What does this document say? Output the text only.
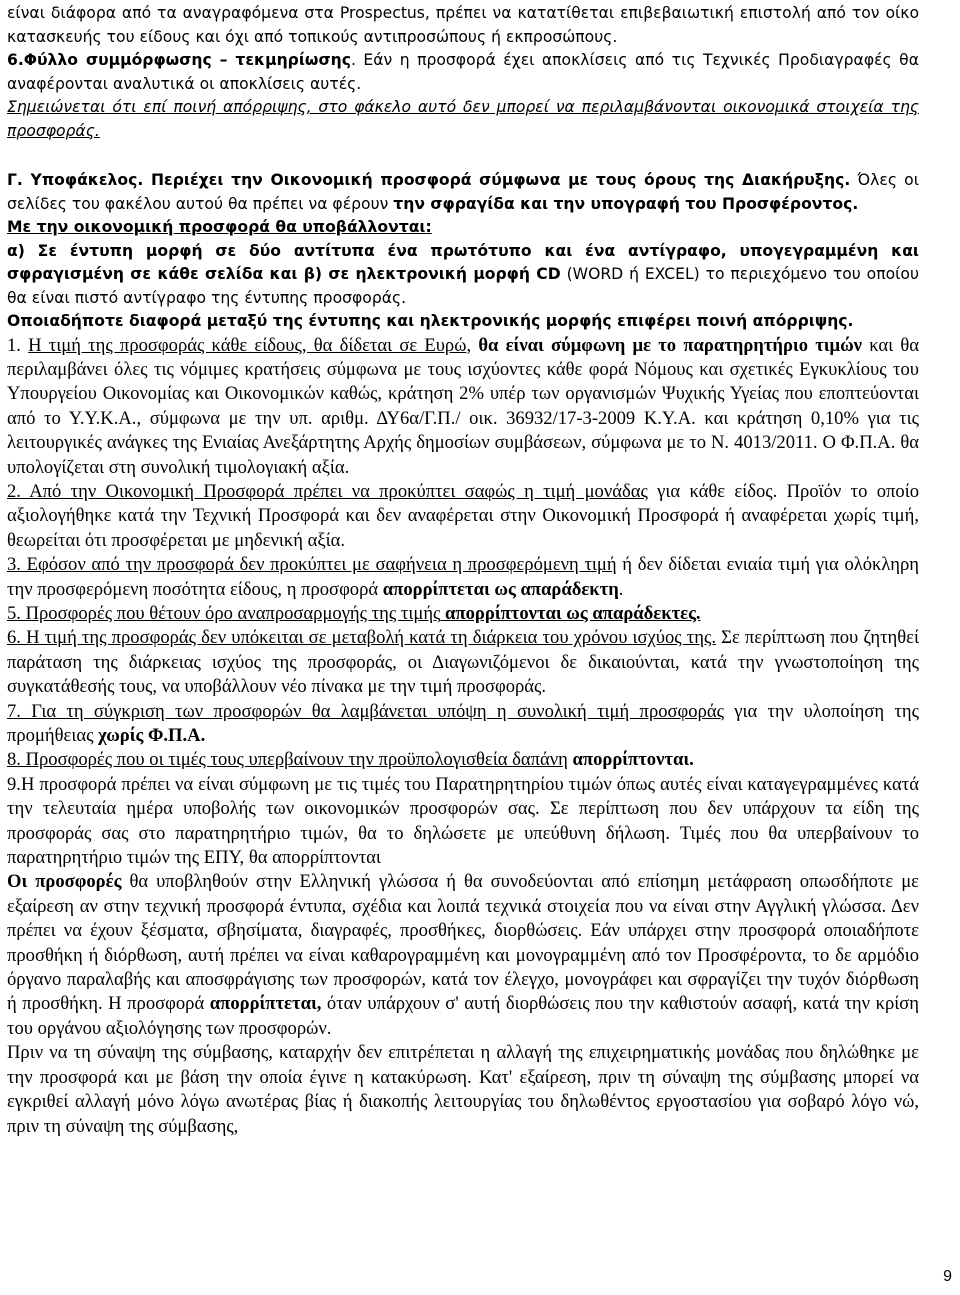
είναι διάφορα από τα αναγραφόμενα στα Prospectus, πρέπει να κατατίθεται επιβεβαιωτική επιστολή από τον οίκο κατασκευής του είδους και όχι από τοπικούς αντιπροσώπους ή εκπροσώπους.

6.Φύλλο συμμόρφωσης – τεκμηρίωσης. Εάν η προσφορά έχει αποκλίσεις από τις Τεχνικές Προδιαγραφές θα αναφέρονται αναλυτικά οι αποκλίσεις αυτές.

Σημειώνεται ότι επί ποινή απόρριψης, στο φάκελο αυτό δεν μπορεί να περιλαμβάνονται οικονομικά στοιχεία της προσφοράς.

Γ. Υποφάκελος. Περιέχει την Οικονομική προσφορά σύμφωνα με τους όρους της Διακήρυξης. Όλες οι σελίδες του φακέλου αυτού θα πρέπει να φέρουν την σφραγίδα και την υπογραφή του Προσφέροντος.

Με την οικονομική προσφορά θα υποβάλλονται:

α) Σε έντυπη μορφή σε δύο αντίτυπα ένα πρωτότυπο και ένα αντίγραφο, υπογεγραμμένη και σφραγισμένη σε κάθε σελίδα και β) σε ηλεκτρονική μορφή CD (WORD ή EXCEL) το περιεχόμενο του οποίου θα είναι πιστό αντίγραφο της έντυπης προσφοράς.

Οποιαδήποτε διαφορά μεταξύ της έντυπης και ηλεκτρονικής μορφής επιφέρει ποινή απόρριψης.

1. Η τιμή της προσφοράς κάθε είδους, θα δίδεται σε Ευρώ, θα είναι σύμφωνη με το παρατηρητήριο τιμών και θα περιλαμβάνει όλες τις νόμιμες κρατήσεις σύμφωνα με τους ισχύοντες κάθε φορά Νόμους και σχετικές Εγκυκλίους του Υπουργείου Οικονομίας και Οικονομικών καθώς, κράτηση 2% υπέρ των οργανισμών Ψυχικής Υγείας που εποπτεύονται από το Υ.Υ.Κ.Α., σύμφωνα με την υπ. αριθμ. ΔΥ6α/Γ.Π./ οικ. 36932/17-3-2009 Κ.Υ.Α. και κράτηση 0,10% για τις λειτουργικές ανάγκες της Ενιαίας Ανεξάρτητης Αρχής δημοσίων συμβάσεων, σύμφωνα με το Ν. 4013/2011. Ο Φ.Π.Α. θα υπολογίζεται στη συνολική τιμολογιακή αξία.

2. Από την Οικονομική Προσφορά πρέπει να προκύπτει σαφώς η τιμή μονάδας για κάθε είδος. Προϊόν το οποίο αξιολογήθηκε κατά την Τεχνική Προσφορά και δεν αναφέρεται στην Οικονομική Προσφορά ή αναφέρεται χωρίς τιμή, θεωρείται ότι προσφέρεται με μηδενική αξία.

3. Εφόσον από την προσφορά δεν προκύπτει με σαφήνεια η προσφερόμενη τιμή ή δεν δίδεται ενιαία τιμή για ολόκληρη την προσφερόμενη ποσότητα είδους, η προσφορά απορρίπτεται ως απαράδεκτη.

5. Προσφορές που θέτουν όρο αναπροσαρμογής της τιμής απορρίπτονται ως απαράδεκτες.

6. Η τιμή της προσφοράς δεν υπόκειται σε μεταβολή κατά τη διάρκεια του χρόνου ισχύος της. Σε περίπτωση που ζητηθεί παράταση της διάρκειας ισχύος της προσφοράς, οι Διαγωνιζόμενοι δε δικαιούνται, κατά την γνωστοποίηση της συγκατάθεσής τους, να υποβάλλουν νέο πίνακα με την τιμή προσφοράς.

7. Για τη σύγκριση των προσφορών θα λαμβάνεται υπόψη η συνολική τιμή προσφοράς για την υλοποίηση της προμήθειας χωρίς Φ.Π.Α.

8. Προσφορές που οι τιμές τους υπερβαίνουν την προϋπολογισθεία δαπάνη απορρίπτονται.

9.Η προσφορά πρέπει να είναι σύμφωνη με τις τιμές του Παρατηρητηρίου τιμών όπως αυτές είναι καταγεγραμμένες κατά την τελευταία ημέρα υποβολής των οικονομικών προσφορών σας. Σε περίπτωση που δεν υπάρχουν τα είδη της προσφοράς σας στο παρατηρητήριο τιμών, θα το δηλώσετε με υπεύθυνη δήλωση. Τιμές που θα υπερβαίνουν το παρατηρητήριο τιμών της ΕΠΥ, θα απορρίπτονται

Οι προσφορές θα υποβληθούν στην Ελληνική γλώσσα ή θα συνοδεύονται από επίσημη μετάφραση οπωσδήποτε με εξαίρεση αν στην τεχνική προσφορά έντυπα, σχέδια και λοιπά τεχνικά στοιχεία που να είναι στην Αγγλική γλώσσα. Δεν πρέπει να έχουν ξέσματα, σβησίματα, διαγραφές, προσθήκες, διορθώσεις. Εάν υπάρχει στην προσφορά οποιαδήποτε προσθήκη ή διόρθωση, αυτή πρέπει να είναι καθαρογραμμένη και μονογραμμένη από τον Προσφέροντα, το δε αρμόδιο όργανο παραλαβής και αποσφράγισης των προσφορών, κατά τον έλεγχο, μονογράφει και σφραγίζει την τυχόν διόρθωση ή προσθήκη. Η προσφορά απορρίπτεται, όταν υπάρχουν σ' αυτή διορθώσεις που την καθιστούν ασαφή, κατά την κρίση του οργάνου αξιολόγησης των προσφορών.

Πριν να τη σύναψη της σύμβασης, καταρχήν δεν επιτρέπεται η αλλαγή της επιχειρηματικής μονάδας που δηλώθηκε με την προσφορά και με βάση την οποία έγινε η κατακύρωση. Κατ' εξαίρεση, πριν τη σύναψη της σύμβασης μπορεί να εγκριθεί αλλαγή μόνο λόγω ανωτέρας βίας ή διακοπής λειτουργίας του δηλωθέντος εργοστασίου για σοβαρό λόγο νώ, πριν τη σύναψη της σύμβασης,

9
